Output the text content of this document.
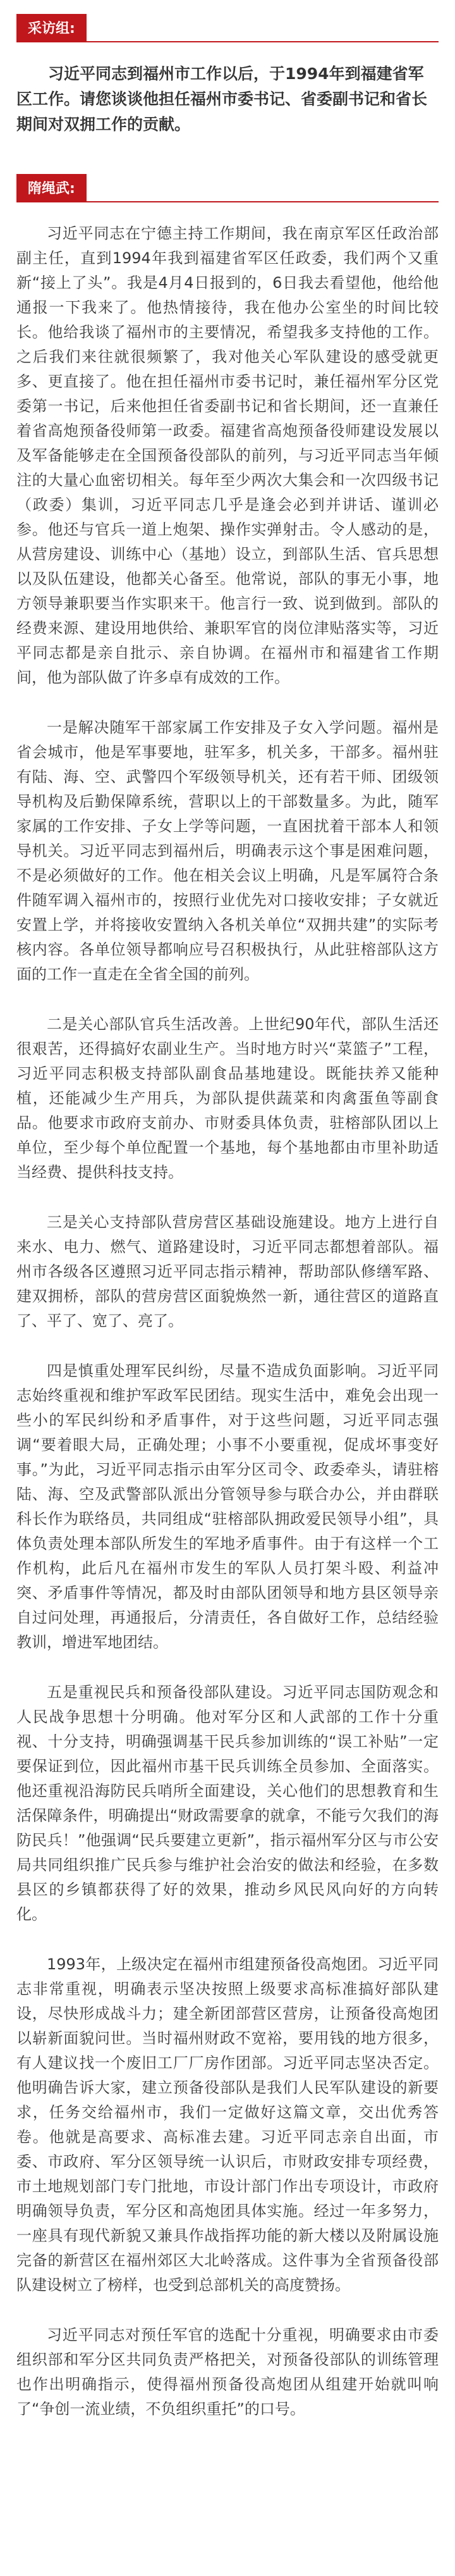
采访组:
习近平同志到福州市工作以后，于1994年到福建省军区工作。请您谈谈他担任福州市委书记、省委副书记和省长期间对双拥工作的贡献。
隋绳武:

习近平同志在宁德主持工作期间，我在南京军区任政治部副主任，直到1994年我到福建省军区任政委，我们两个又重新“接上了头”。我是4月4日报到的，6日我去看望他，他给他通报一下我来了。他热情接待，我在他办公室坐的时间比较长。他给我谈了福州市的主要情况，希望我多支持他的工作。之后我们来往就很频繁了，我对他关心军队建设的感受就更多、更直接了。他在担任福州市委书记时，兼任福州军分区党委第一书记，后来他担任省委副书记和省长期间，还一直兼任着省高炮预备役师第一政委。福建省高炮预备役师建设发展以及军备能够走在全国预备役部队的前列，与习近平同志当年倾注的大量心血密切相关。每年至少两次大集会和一次四级书记（政委）集训，习近平同志几乎是逢会必到并讲话、谨训必参。他还与官兵一道上炮架、操作实弹射击。令人感动的是，从营房建设、训练中心（基地）设立，到部队生活、官兵思想以及队伍建设，他都关心备至。他常说，部队的事无小事，地方领导兼职要当作实职来干。他言行一致、说到做到。部队的经费来源、建设用地供给、兼职军官的岗位津贴落实等，习近平同志都是亲自批示、亲自协调。在福州市和福建省工作期间，他为部队做了许多卓有成效的工作。

一是解决随军干部家属工作安排及子女入学问题。福州是省会城市，他是军事要地，驻军多，机关多，干部多。福州驻有陆、海、空、武警四个军级领导机关，还有若干师、团级领导机构及后勤保障系统，营职以上的干部数量多。为此，随军家属的工作安排、子女上学等问题，一直困扰着干部本人和领导机关。习近平同志到福州后，明确表示这个事是困难问题，不是必须做好的工作。他在相关会议上明确，凡是军属符合条件随军调入福州市的，按照行业优先对口接收安排；子女就近安置上学，并将接收安置纳入各机关单位“双拥共建”的实际考核内容。各单位领导都响应号召积极执行，从此驻榕部队这方面的工作一直走在全省全国的前列。

二是关心部队官兵生活改善。上世纪90年代，部队生活还很艰苦，还得搞好农副业生产。当时地方时兴“菜篮子”工程，习近平同志积极支持部队副食品基地建设。既能扶养又能种植，还能减少生产用兵，为部队提供蔬菜和肉禽蛋鱼等副食品。他要求市政府支前办、市财委具体负责，驻榕部队团以上单位，至少每个单位配置一个基地，每个基地都由市里补助适当经费、提供科技支持。

三是关心支持部队营房营区基础设施建设。地方上进行自来水、电力、燃气、道路建设时，习近平同志都想着部队。福州市各级各区遵照习近平同志指示精神，帮助部队修缮军路、建双拥桥，部队的营房营区面貌焕然一新，通往营区的道路直了、平了、宽了、亮了。

四是慎重处理军民纠纷，尽量不造成负面影响。习近平同志始终重视和维护军政军民团结。现实生活中，难免会出现一些小的军民纠纷和矛盾事件，对于这些问题，习近平同志强调“要着眼大局，正确处理；小事不小要重视，促成坏事变好事。”为此，习近平同志指示由军分区司令、政委牵头，请驻榕陆、海、空及武警部队派出分管领导参与联合办公，并由群联科长作为联络员，共同组成“驻榕部队拥政爱民领导小组”，具体负责处理本部队所发生的军地矛盾事件。由于有这样一个工作机构，此后凡在福州市发生的军队人员打架斗殴、利益冲突、矛盾事件等情况，都及时由部队团领导和地方县区领导亲自过问处理，再通报后，分清责任，各自做好工作，总结经验教训，增进军地团结。

五是重视民兵和预备役部队建设。习近平同志国防观念和人民战争思想十分明确。他对军分区和人武部的工作十分重视、十分支持，明确强调基干民兵参加训练的“误工补贴”一定要保证到位，因此福州市基干民兵训练全员参加、全面落实。他还重视沿海防民兵哨所全面建设，关心他们的思想教育和生活保障条件，明确提出“财政需要拿的就拿，不能亏欠我们的海防民兵！”他强调“民兵要建立更新”，指示福州军分区与市公安局共同组织推广民兵参与维护社会治安的做法和经验，在多数县区的乡镇都获得了好的效果，推动乡风民风向好的方向转化。

1993年，上级决定在福州市组建预备役高炮团。习近平同志非常重视，明确表示坚决按照上级要求高标准搞好部队建设，尽快形成战斗力；建全新团部营区营房，让预备役高炮团以崭新面貌问世。当时福州财政不宽裕，要用钱的地方很多，有人建议找一个废旧工厂厂房作团部。习近平同志坚决否定。他明确告诉大家，建立预备役部队是我们人民军队建设的新要求，任务交给福州市，我们一定做好这篇文章，交出优秀答卷。他就是高要求、高标准去建。习近平同志亲自出面，市委、市政府、军分区领导统一认识后，市财政安排专项经费，市土地规划部门专门批地，市设计部门作出专项设计，市政府明确领导负责，军分区和高炮团具体实施。经过一年多努力，一座具有现代新貌又兼具作战指挥功能的新大楼以及附属设施完备的新营区在福州郊区大北岭落成。这件事为全省预备役部队建设树立了榜样，也受到总部机关的高度赞扬。

习近平同志对预任军官的选配十分重视，明确要求由市委组织部和军分区共同负责严格把关，对预备役部队的训练管理也作出明确指示，使得福州预备役高炮团从组建开始就叫响了“争创一流业绩，不负组织重托”的口号。
